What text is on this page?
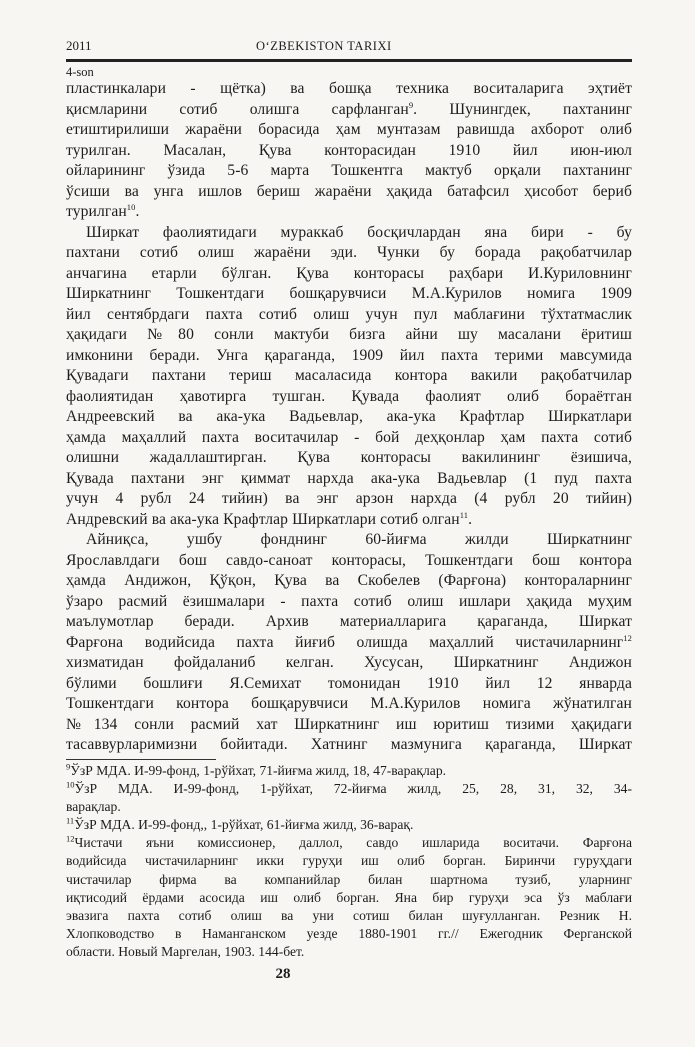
2011	O‘ZBEKISTON TARIXI
4-son
пластинкалари - щётка) ва бошқа техника воситаларига эҳтиёт
қисмларини сотиб олишга сарфланган$^9$. Шунингдек, пахтанинг
етиштирилиши жараёни борасида ҳам мунтазам равишда ахборот олиб
турилган. Масалан, Қува конторасидан 1910 йил июн-июл
ойларининг ўзида 5-6 марта Тошкентга мактуб орқали пахтанинг
ўсиши ва унга ишлов бериш жараёни ҳақида батафсил ҳисобот бериб
турилган$^{10}$.
Ширкат фаолиятидаги мураккаб босқичлардан яна бири - бу
пахтани сотиб олиш жараёни эди. Чунки бу борада рақобатчилар
анчагина етарли бўлган. Қува конторасы раҳбари И.Куриловнинг
Ширкатнинг Тошкентдаги бошқарувчиси М.А.Курилов номига 1909
йил сентябрдаги пахта сотиб олиш учун пул маблағини тўхтатмаслик
ҳақидаги №80 сонли мактуби бизга айни шу масалани ёритиш
имконини беради. Унга қараганда, 1909 йил пахта терими мавсумида
Қувадаги пахтани териш масаласида контора вакили рақобатчилар
фаолиятидан ҳавотирга тушган. Қувада фаолият олиб бораётган
Андреевский ва ака-ука Вадьевлар, ака-ука Крафтлар Ширкатлари
ҳамда маҳаллий пахта воситачилар - бой деҳқонлар ҳам пахта сотиб
олишни жадаллаштирган. Қува конторасы вакилининг ёзишича,
Қувада пахтани энг қиммат нархда ака-ука Вадьевлар (1 пуд пахта
учун 4 рубл 24 тийин) ва энг арзон нархда (4 рубл 20 тийин)
Андревский ва ака-ука Крафтлар Ширкатлари сотиб олган$^{11}$.
Айниқса, ушбу фонднинг 60-йиғма жилди Ширкатнинг
Ярославлдаги бош савдо-саноат конторасы, Тошкентдаги бош контора
ҳамда Андижон, Қўқон, Қува ва Скобелев (Фарғона) контораларнинг
ўзаро расмий ёзишмалари - пахта сотиб олиш ишлари ҳақида муҳим
маълумотлар беради. Архив материалларига қараганда, Ширкат
Фарғона водийсида пахта йиғиб олишда маҳаллий чистачиларнинг$^{12}$
хизматидан фойдаланиб келган. Хусусан, Ширкатнинг Андижон
бўлими бошлиғи Я.Семихат томонидан 1910 йил 12 январда
Тошкентдаги контора бошқарувчиси М.А.Курилов номига жўнатилган
№134 сонли расмий хат Ширкатнинг иш юритиш тизими ҳақидаги
тасаввурларимизни бойитади. Хатнинг мазмунига қараганда, Ширкат
$^9$ЎзР МДА. И-99-фонд, 1-рўйхат, 71-йиғма жилд, 18, 47-варақлар.
$^{10}$ЎзР МДА. И-99-фонд, 1-рўйхат, 72-йиғма жилд, 25, 28, 31, 32, 34-
варақлар.
$^{11}$ЎзР МДА. И-99-фонд,, 1-рўйхат, 61-йиғма жилд, 36-варақ.
$^{12}$Чистачи яъни комиссионер, даллол, савдо ишларида воситачи. Фарғона
водийсида чистачиларнинг икки гуруҳи иш олиб борган. Биринчи гуруҳдаги
чистачилар фирма ва компанийлар билан шартнома тузиб, уларнинг
иқтисодий ёрдами асосида иш олиб борган. Яна бир гуруҳи эса ўз маблағи
эвазига пахта сотиб олиш ва уни сотиш билан шуғулланган. Резник Н.
Хлопководство в Наманганском уезде 1880-1901 гг.// Ежегодник Ферганской
области. Новый Маргелан, 1903. 144-бет.
28
